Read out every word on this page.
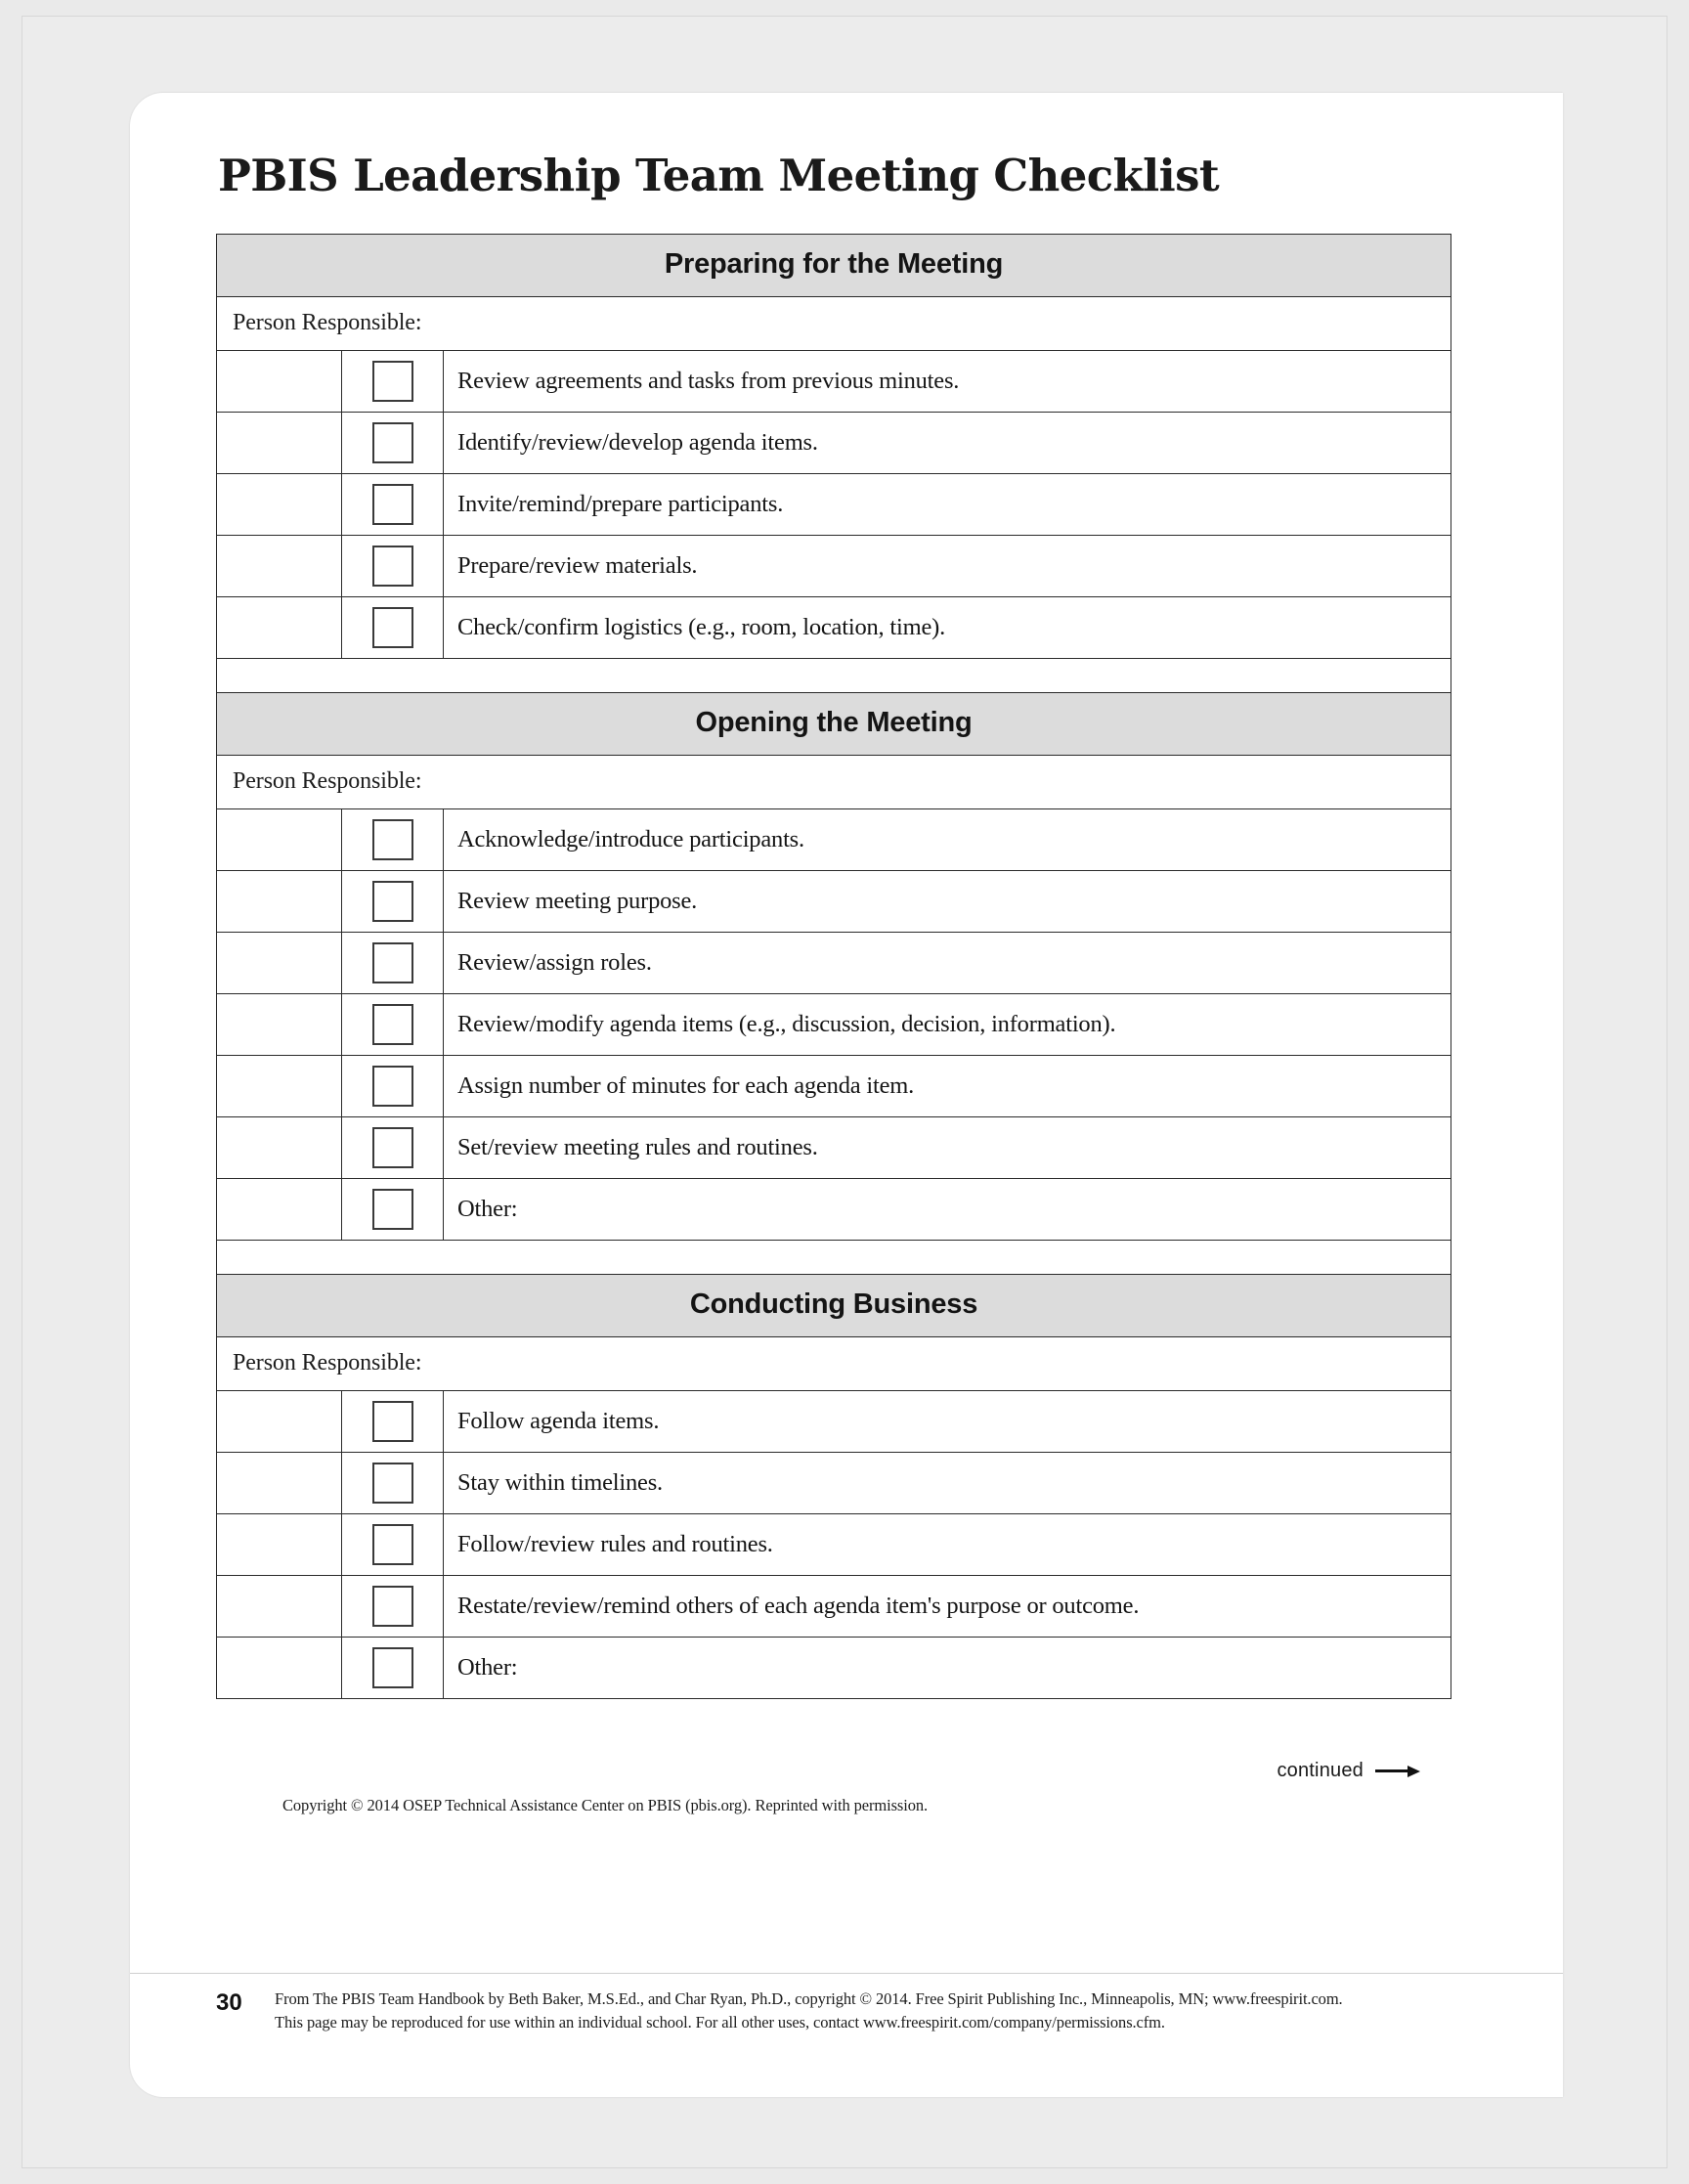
PBIS Leadership Team Meeting Checklist
Preparing for the Meeting
Person Responsible:
Review agreements and tasks from previous minutes.
Identify/review/develop agenda items.
Invite/remind/prepare participants.
Prepare/review materials.
Check/confirm logistics (e.g., room, location, time).
Opening the Meeting
Person Responsible:
Acknowledge/introduce participants.
Review meeting purpose.
Review/assign roles.
Review/modify agenda items (e.g., discussion, decision, information).
Assign number of minutes for each agenda item.
Set/review meeting rules and routines.
Other:
Conducting Business
Person Responsible:
Follow agenda items.
Stay within timelines.
Follow/review rules and routines.
Restate/review/remind others of each agenda item's purpose or outcome.
Other:
continued
Copyright © 2014 OSEP Technical Assistance Center on PBIS (pbis.org). Reprinted with permission.
30	From The PBIS Team Handbook by Beth Baker, M.S.Ed., and Char Ryan, Ph.D., copyright © 2014. Free Spirit Publishing Inc., Minneapolis, MN; www.freespirit.com.
This page may be reproduced for use within an individual school. For all other uses, contact www.freespirit.com/company/permissions.cfm.
